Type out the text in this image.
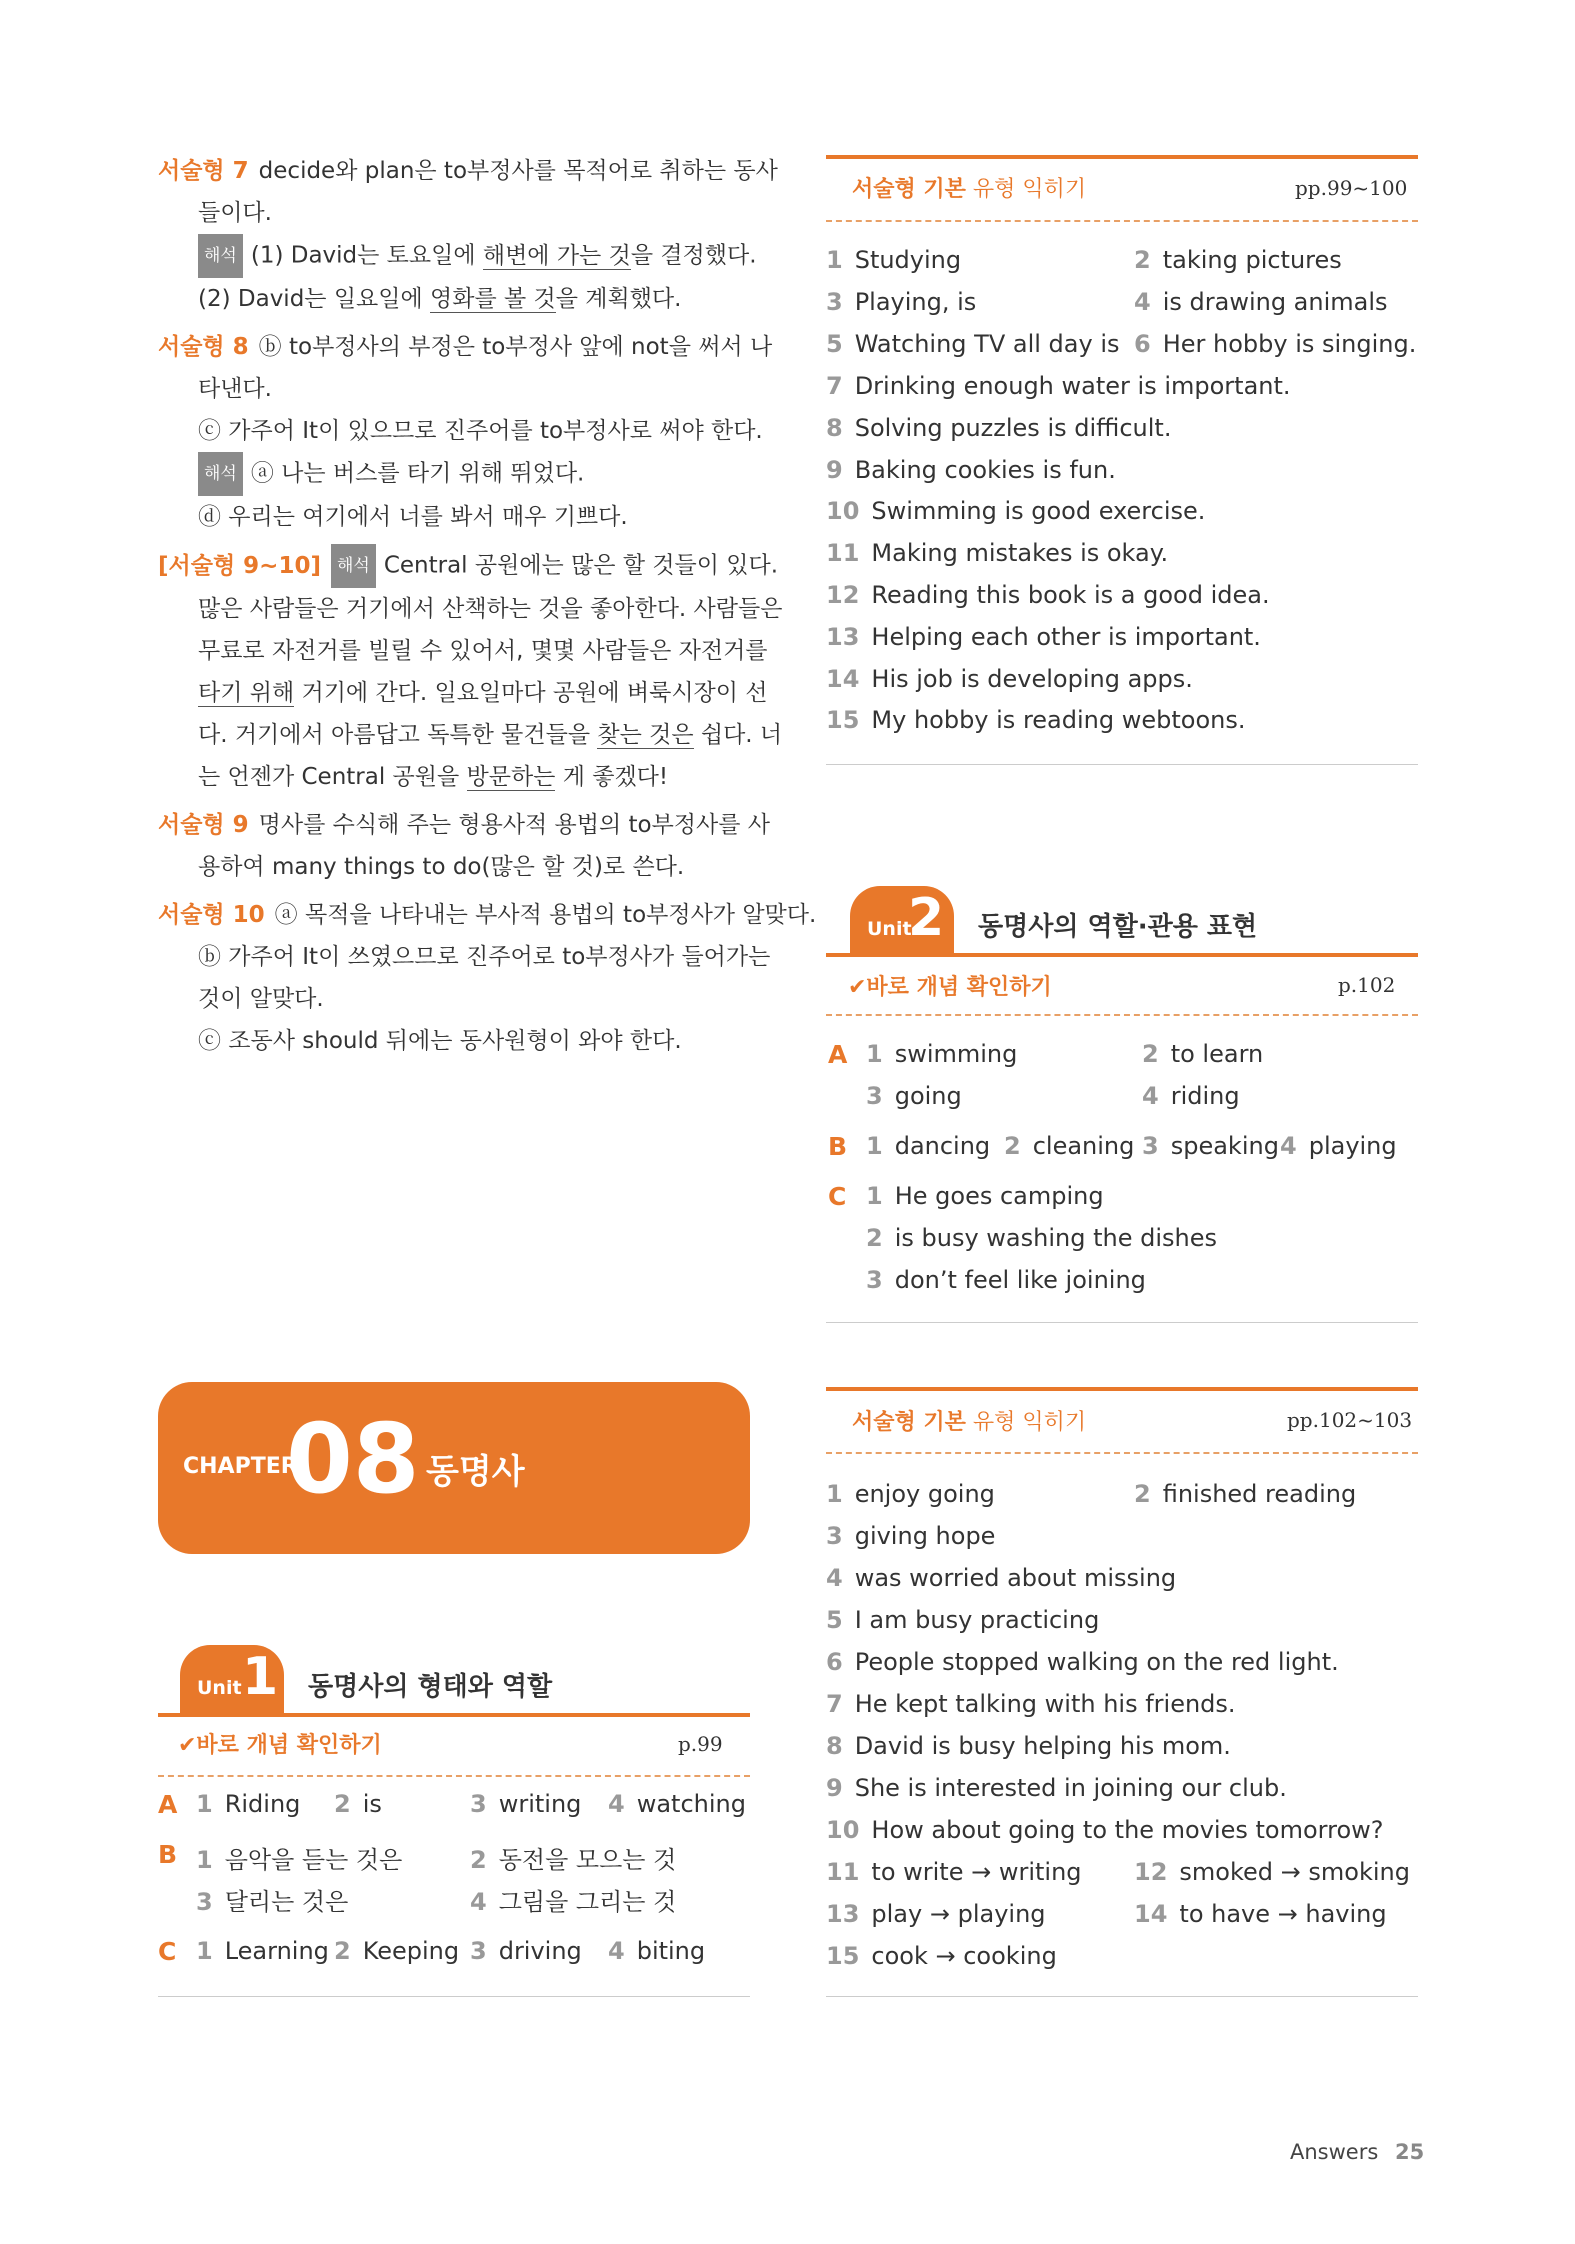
서술형 7 decide와 plan은 to부정사를 목적어로 취하는 동사
들이다.
해석 (1) David는 토요일에 해변에 가는 것을 결정했다.
(2) David는 일요일에 영화를 볼 것을 계획했다.
서술형 8 ⓑ to부정사의 부정은 to부정사 앞에 not을 써서 나
타낸다.
ⓒ 가주어 It이 있으므로 진주어를 to부정사로 써야 한다.
해석 ⓐ 나는 버스를 타기 위해 뛰었다.
ⓓ 우리는 여기에서 너를 봐서 매우 기쁘다.
[서술형 9~10] 해석 Central 공원에는 많은 할 것들이 있다.
많은 사람들은 거기에서 산책하는 것을 좋아한다. 사람들은
무료로 자전거를 빌릴 수 있어서, 몇몇 사람들은 자전거를
타기 위해 거기에 간다. 일요일마다 공원에 벼룩시장이 선
다. 거기에서 아름답고 독특한 물건들을 찾는 것은 쉽다. 너
는 언젠가 Central 공원을 방문하는 게 좋겠다!
서술형 9 명사를 수식해 주는 형용사적 용법의 to부정사를 사
용하여 many things to do(많은 할 것)로 쓴다.
서술형 10 ⓐ 목적을 나타내는 부사적 용법의 to부정사가 알맞다.
ⓑ 가주어 It이 쓰였으므로 진주어로 to부정사가 들어가는
것이 알맞다.
ⓒ 조동사 should 뒤에는 동사원형이 와야 한다.
CHAPTER
08 동명사
Unit 1 동명사의 형태와 역할
✔바로 개념 확인하기	p.99
A 1 Riding 2 is	3 writing 4 watching
B 1 음악을 듣는 것은	2 동전을 모으는 것
3 달리는 것은	4 그림을 그리는 것
C 1 Learning 2 Keeping 3 driving 4 biting
서술형 기본 유형 익히기	pp.99~100
1 Studying	2 taking pictures
3 Playing, is	4 is drawing animals
5 Watching TV all day is 6 Her hobby is singing.
7 Drinking enough water is important.
8 Solving puzzles is difficult.
9 Baking cookies is fun.
10 Swimming is good exercise.
11 Making mistakes is okay.
12 Reading this book is a good idea.
13 Helping each other is important.
14 His job is developing apps.
15 My hobby is reading webtoons.
Unit
2 동명사의 역할·관용 표현
✔바로 개념 확인하기	p.102
A 1 swimming	2 to learn
3 going	4 riding
B 1 dancing 2 cleaning 3 speaking 4 playing
C 1 He goes camping
2 is busy washing the dishes
3 don’t feel like joining
서술형 기본 유형 익히기	pp.102~103
1 enjoy going	2 finished reading
3 giving hope
4 was worried about missing
5 I am busy practicing
6 People stopped walking on the red light.
7 He kept talking with his friends.
8 David is busy helping his mom.
9 She is interested in joining our club.
10 How about going to the movies tomorrow?
11 to write → writing 12 smoked → smoking
13 play → playing	14 to have → having
15 cook → cooking
Answers 25
